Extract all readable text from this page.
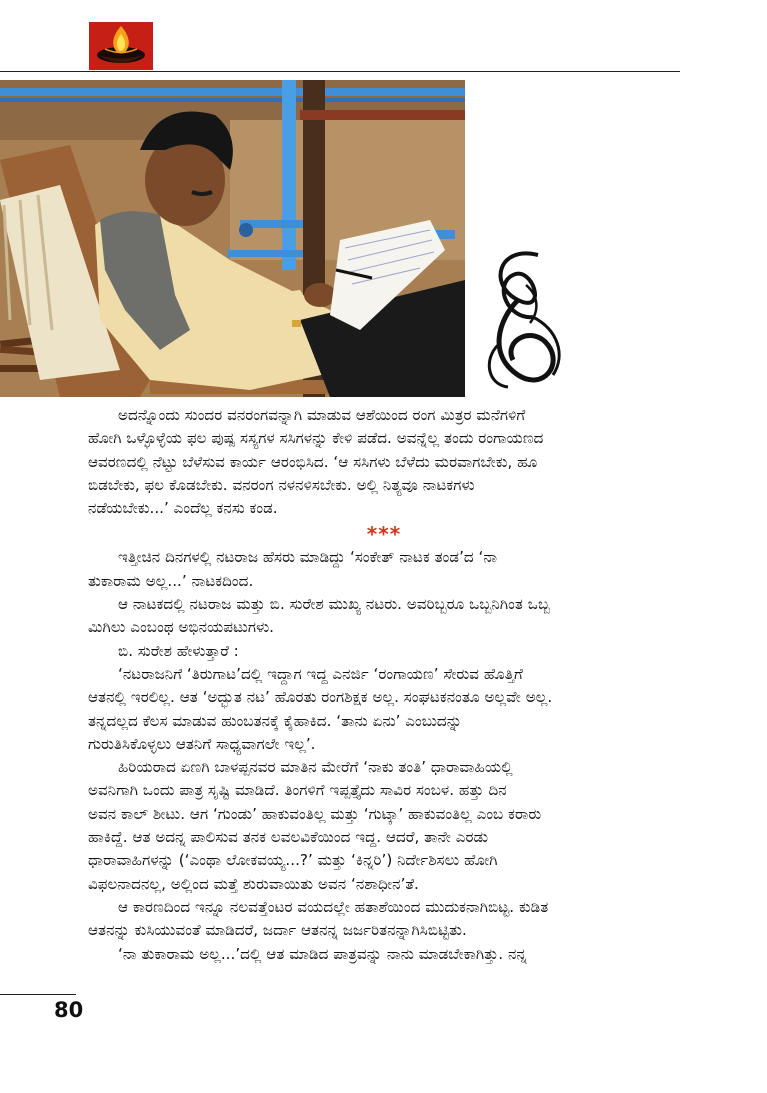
ಅದನ್ನೊಂದು ಸುಂದರ ವನರಂಗವನ್ನಾಗಿ ಮಾಡುವ ಆಶೆಯಿಂದ ರಂಗ ಮಿತ್ರರ ಮನೆಗಳಿಗೆ

ಹೋಗಿ ಒಳ್ಳೊಳ್ಳೆಯ ಫಲ ಪುಷ್ಪ ಸಸ್ಯಗಳ ಸಸಿಗಳನ್ನು ಕೇಳಿ ಪಡೆದ. ಅವನ್ನೆಲ್ಲ ತಂದು ರಂಗಾಯಣದ

ಆವರಣದಲ್ಲಿ ನೆಟ್ಟು ಬೆಳೆಸುವ ಕಾರ್ಯ ಆರಂಭಿಸಿದ. ‘ಆ ಸಸಿಗಳು ಬೆಳೆದು ಮರವಾಗಬೇಕು, ಹೂ

ಬಿಡಬೇಕು, ಫಲ ಕೊಡಬೇಕು. ವನರಂಗ ನಳನಳಿಸಬೇಕು. ಅಲ್ಲಿ ನಿತ್ಯವೂ ನಾಟಕಗಳು

ನಡೆಯಬೇಕು...’ ಎಂದೆಲ್ಲ ಕನಸು ಕಂಡ.

***

ಇತ್ತೀಚಿನ ದಿನಗಳಲ್ಲಿ ನಟರಾಜ ಹೆಸರು ಮಾಡಿದ್ದು ‘ಸಂಕೇತ್ ನಾಟಕ ತಂಡ’ದ ‘ನಾ

ತುಕಾರಾಮ ಅಲ್ಲ...’ ನಾಟಕದಿಂದ.

ಆ ನಾಟಕದಲ್ಲಿ ನಟರಾಜ ಮತ್ತು ಬಿ. ಸುರೇಶ ಮುಖ್ಯ ನಟರು. ಅವರಿಬ್ಬರೂ ಒಬ್ಬನಿಗಿಂತ ಒಬ್ಬ

ಮಿಗಿಲು ಎಂಬಂಥ ಅಭಿನಯಪಟುಗಳು.

ಬಿ. ಸುರೇಶ ಹೇಳುತ್ತಾರೆ :

‘ನಟರಾಜನಿಗೆ ‘ತಿರುಗಾಟ’ದಲ್ಲಿ ಇದ್ದಾಗ ಇದ್ದ ಎನರ್ಜಿ ‘ರಂಗಾಯಣ’ ಸೇರುವ ಹೊತ್ತಿಗೆ

ಆತನಲ್ಲಿ ಇರಲಿಲ್ಲ. ಆತ ‘ಅದ್ಭುತ ನಟ’ ಹೊರತು ರಂಗಶಿಕ್ಷಕ ಅಲ್ಲ. ಸಂಘಟಕನಂತೂ ಅಲ್ಲವೇ ಅಲ್ಲ.

ತನ್ನದಲ್ಲದ ಕೆಲಸ ಮಾಡುವ ಹುಂಬತನಕ್ಕೆ ಕೈಹಾಕಿದ. ‘ತಾನು ಏನು’ ಎಂಬುದನ್ನು

ಗುರುತಿಸಿಕೊಳ್ಳಲು ಆತನಿಗೆ ಸಾಧ್ಯವಾಗಲೇ ಇಲ್ಲ’.

ಹಿರಿಯರಾದ ಏಣಗಿ ಬಾಳಪ್ಪನವರ ಮಾತಿನ ಮೇರೆಗೆ ‘ನಾಕು ತಂತಿ’ ಧಾರಾವಾಹಿಯಲ್ಲಿ

ಅವನಿಗಾಗಿ ಒಂದು ಪಾತ್ರ ಸೃಷ್ಟಿ ಮಾಡಿದೆ. ತಿಂಗಳಿಗೆ ಇಪ್ಪತ್ತೈದು ಸಾವಿರ ಸಂಬಳ. ಹತ್ತು ದಿನ

ಅವನ ಕಾಲ್ ಶೀಟು. ಆಗ ‘ಗುಂಡು’ ಹಾಕುವಂತಿಲ್ಲ ಮತ್ತು ‘ಗುಟ್ಕಾ’ ಹಾಕುವಂತಿಲ್ಲ ಎಂಬ ಕರಾರು

ಹಾಕಿದ್ದೆ. ಆತ ಅದನ್ನ ಪಾಲಿಸುವ ತನಕ ಲವಲವಿಕೆಯಿಂದ ಇದ್ದ. ಆದರೆ, ತಾನೇ ಎರಡು

ಧಾರಾವಾಹಿಗಳನ್ನು (‘ಎಂಥಾ ಲೋಕವಯ್ಯ...?’ ಮತ್ತು ‘ಕಿನ್ನರಿ’) ನಿರ್ದೇಶಿಸಲು ಹೋಗಿ

ವಿಫಲನಾದನಲ್ಲ, ಅಲ್ಲಿಂದ ಮತ್ತೆ ಶುರುವಾಯಿತು ಅವನ ‘ನಶಾಧೀನ’ತೆ.

ಆ ಕಾರಣದಿಂದ ಇನ್ನೂ ನಲವತ್ತೆಂಟರ ವಯದಲ್ಲೇ ಹತಾಶೆಯಿಂದ ಮುದುಕನಾಗಿಬಿಟ್ಟ. ಕುಡಿತ

ಆತನನ್ನು ಕುಸಿಯುವಂತೆ ಮಾಡಿದರೆ, ಜರ್ದಾ ಆತನನ್ನ ಜರ್ಜರಿತನನ್ನಾಗಿಸಿಬಿಟ್ಟಿತು.

‘ನಾ ತುಕಾರಾಮ ಅಲ್ಲ...’ದಲ್ಲಿ ಆತ ಮಾಡಿದ ಪಾತ್ರವನ್ನು ನಾನು ಮಾಡಬೇಕಾಗಿತ್ತು. ನನ್ನ

80
